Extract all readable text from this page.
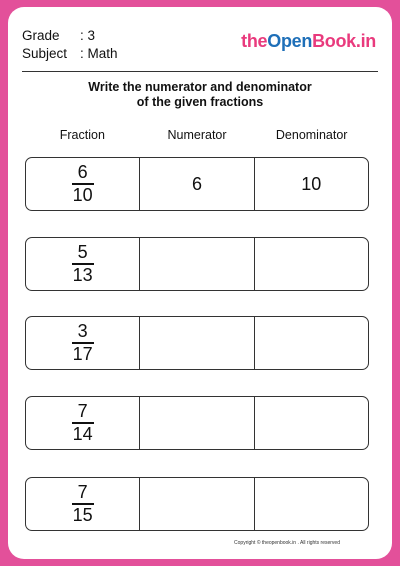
Grade	: 3
Subject : Math
theOpenBook.in
Write the numerator and denominator
of the given fractions
Fraction	Numerator	Denominator
$\frac{6}{10}$	6	10
$\frac{5}{13}$
$\frac{3}{17}$
$\frac{7}{14}$
$\frac{7}{15}$
Copyright © theopenbook.in . All rights reserved
